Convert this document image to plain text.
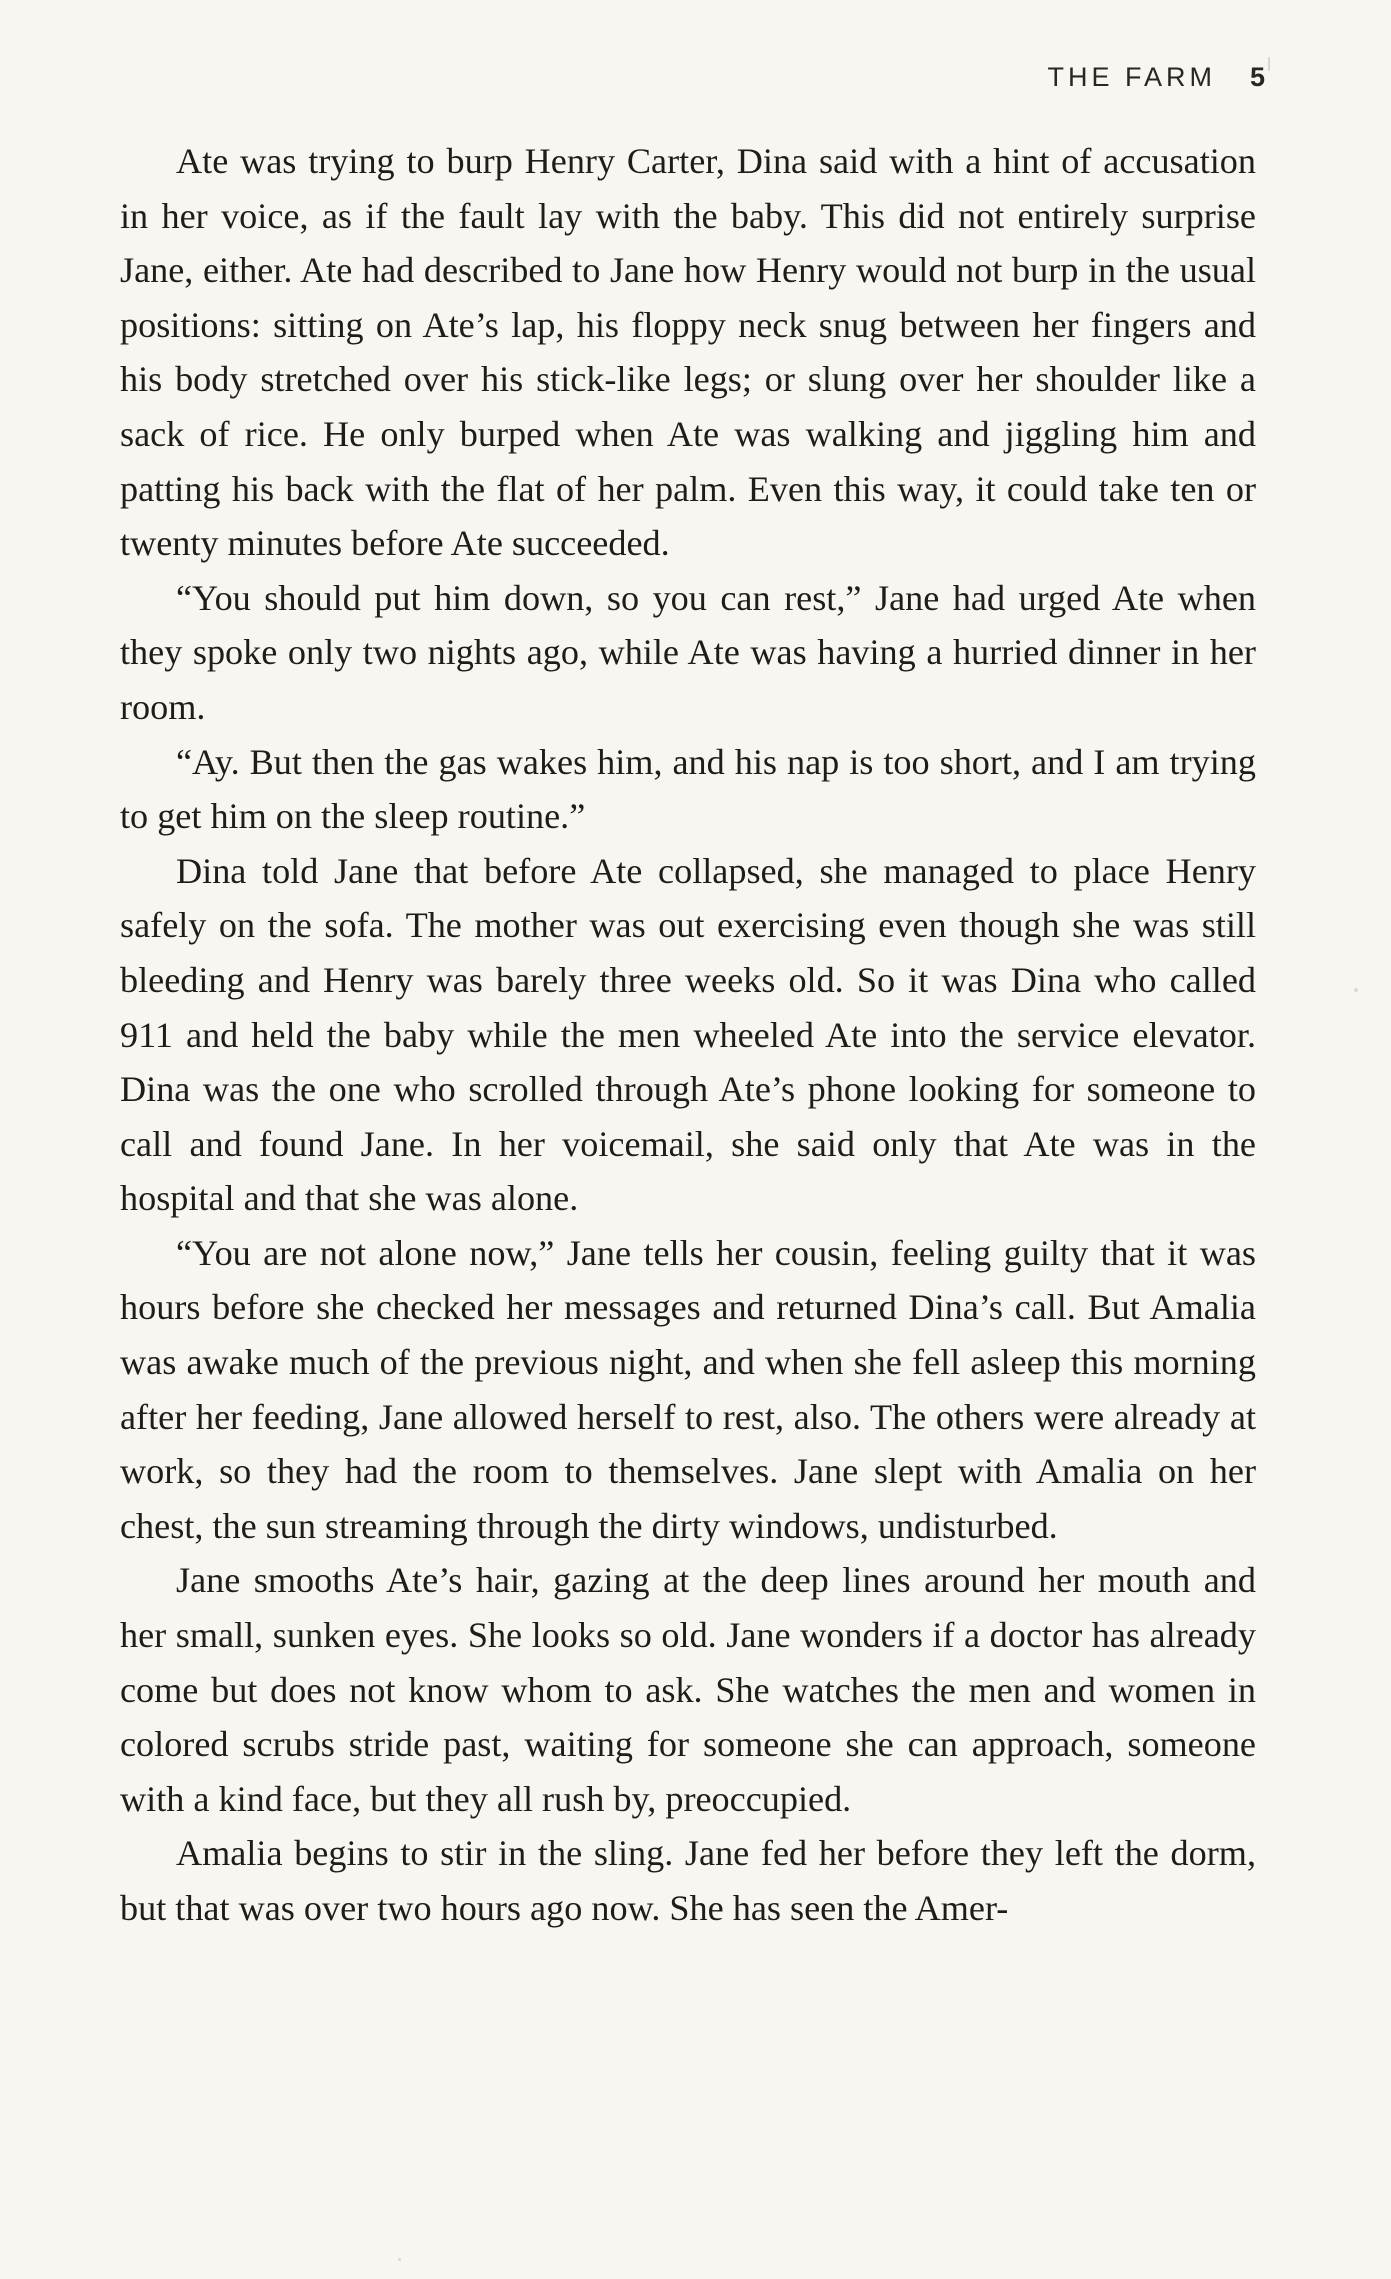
THE FARM 5

Ate was trying to burp Henry Carter, Dina said with a hint of accusation in her voice, as if the fault lay with the baby. This did not entirely surprise Jane, either. Ate had described to Jane how Henry would not burp in the usual positions: sitting on Ate’s lap, his floppy neck snug between her fingers and his body stretched over his stick-like legs; or slung over her shoulder like a sack of rice. He only burped when Ate was walking and jiggling him and patting his back with the flat of her palm. Even this way, it could take ten or twenty minutes before Ate succeeded.

“You should put him down, so you can rest,” Jane had urged Ate when they spoke only two nights ago, while Ate was having a hurried dinner in her room.

“Ay. But then the gas wakes him, and his nap is too short, and I am trying to get him on the sleep routine.”

Dina told Jane that before Ate collapsed, she managed to place Henry safely on the sofa. The mother was out exercising even though she was still bleeding and Henry was barely three weeks old. So it was Dina who called 911 and held the baby while the men wheeled Ate into the service elevator. Dina was the one who scrolled through Ate’s phone looking for someone to call and found Jane. In her voicemail, she said only that Ate was in the hospital and that she was alone.

“You are not alone now,” Jane tells her cousin, feeling guilty that it was hours before she checked her messages and returned Dina’s call. But Amalia was awake much of the previous night, and when she fell asleep this morning after her feeding, Jane allowed herself to rest, also. The others were already at work, so they had the room to themselves. Jane slept with Amalia on her chest, the sun streaming through the dirty windows, undisturbed.

Jane smooths Ate’s hair, gazing at the deep lines around her mouth and her small, sunken eyes. She looks so old. Jane wonders if a doctor has already come but does not know whom to ask. She watches the men and women in colored scrubs stride past, waiting for someone she can approach, someone with a kind face, but they all rush by, preoccupied.

Amalia begins to stir in the sling. Jane fed her before they left the dorm, but that was over two hours ago now. She has seen the Amer-
